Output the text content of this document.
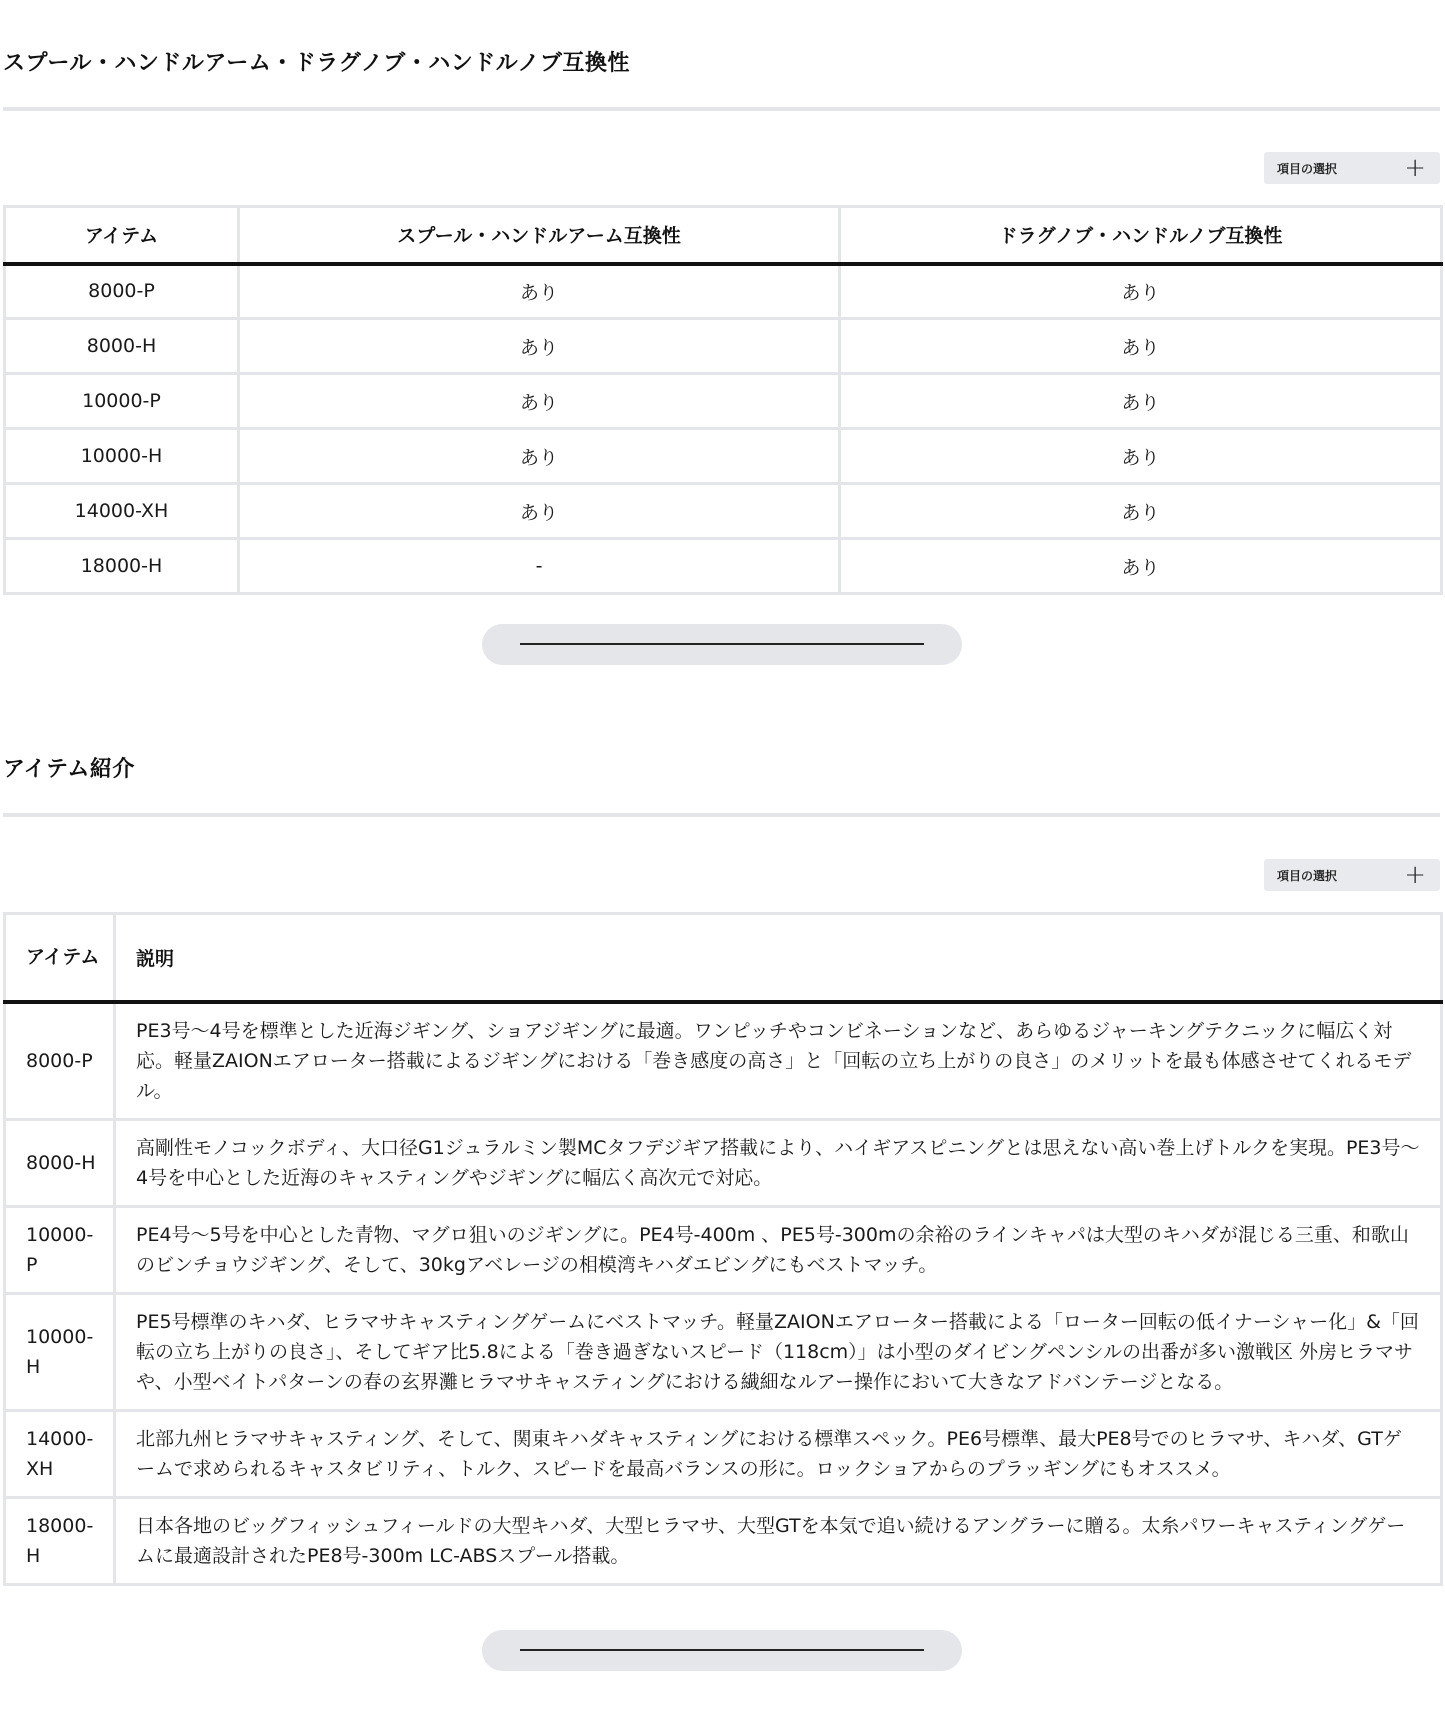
スプール・ハンドルアーム・ドラグノブ・ハンドルノブ互換性
項目の選択	+
アイテム	スプール・ハンドルアーム互換性	ドラグノブ・ハンドルノブ互換性
8000-P	あり	あり
8000-H	あり	あり
10000-P	あり	あり
10000-H	あり	あり
14000-XH	あり	あり
18000-H	-	あり
アイテム紹介
項目の選択	+
アイテム	説明
8000-P	PE3号〜4号を標準とした近海ジギング、ショアジギングに最適。ワンピッチやコンビネーションなど、あらゆるジャーキングテクニックに幅広く対応。軽量ZAIONエアローター搭載によるジギングにおける「巻き感度の高さ」と「回転の立ち上がりの良さ」のメリットを最も体感させてくれるモデル。
8000-H	高剛性モノコックボディ、大口径G1ジュラルミン製MCタフデジギア搭載により、ハイギアスピニングとは思えない高い巻上げトルクを実現。PE3号〜4号を中心とした近海のキャスティングやジギングに幅広く高次元で対応。
10000-P	PE4号〜5号を中心とした青物、マグロ狙いのジギングに。PE4号-400m 、PE5号-300mの余裕のラインキャパは大型のキハダが混じる三重、和歌山のビンチョウジギング、そして、30kgアベレージの相模湾キハダエビングにもベストマッチ。
10000-H	PE5号標準のキハダ、ヒラマサキャスティングゲームにベストマッチ。軽量ZAIONエアローター搭載による「ローター回転の低イナーシャー化」&「回転の立ち上がりの良さ」、そしてギア比5.8による「巻き過ぎないスピード（118cm）」は小型のダイビングペンシルの出番が多い激戦区 外房ヒラマサや、小型ベイトパターンの春の玄界灘ヒラマサキャスティングにおける繊細なルアー操作において大きなアドバンテージとなる。
14000-XH	北部九州ヒラマサキャスティング、そして、関東キハダキャスティングにおける標準スペック。PE6号標準、最大PE8号でのヒラマサ、キハダ、GTゲームで求められるキャスタビリティ、トルク、スピードを最高バランスの形に。ロックショアからのプラッギングにもオススメ。
18000-H	日本各地のビッグフィッシュフィールドの大型キハダ、大型ヒラマサ、大型GTを本気で追い続けるアングラーに贈る。太糸パワーキャスティングゲームに最適設計されたPE8号-300m LC-ABSスプール搭載。
